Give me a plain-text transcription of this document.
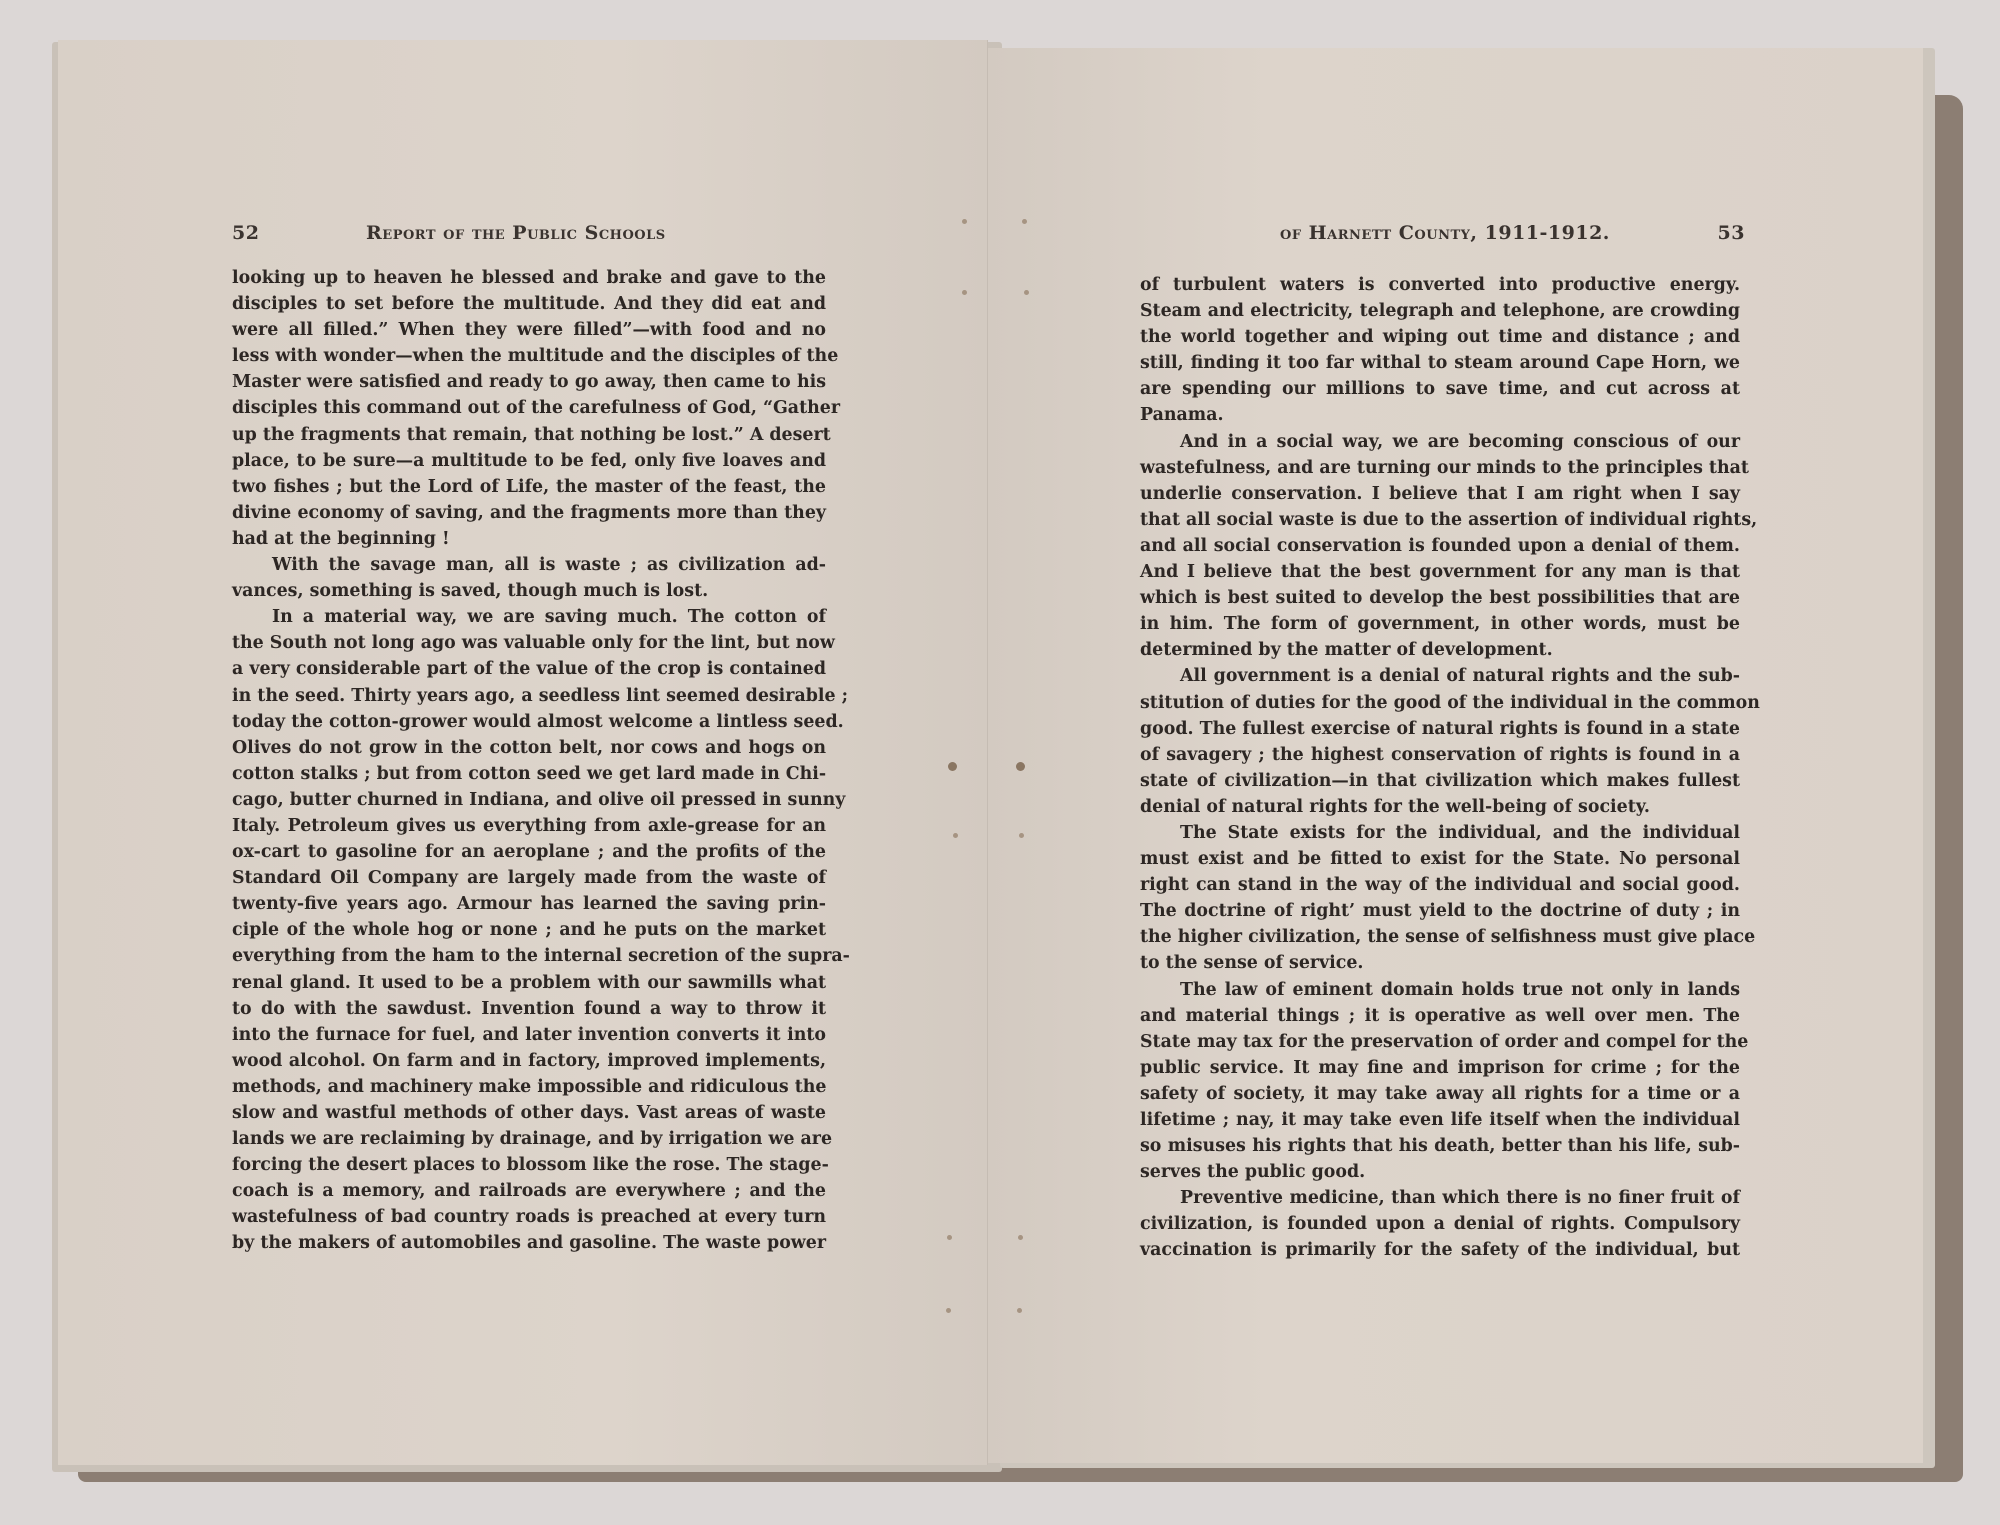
52	Report of the Public Schools	of Harnett County, 1911-1912.	53
looking up to heaven he blessed and brake and gave to the
disciples to set before the multitude. And they did eat and
were all filled.” When they were filled”—with food and no
less with wonder—when the multitude and the disciples of the
Master were satisfied and ready to go away, then came to his
disciples this command out of the carefulness of God, “Gather
up the fragments that remain, that nothing be lost.” A desert
place, to be sure—a multitude to be fed, only five loaves and
two fishes ; but the Lord of Life, the master of the feast, the
divine economy of saving, and the fragments more than they
had at the beginning !
With the savage man, all is waste ; as civilization ad-
vances, something is saved, though much is lost.
In a material way, we are saving much. The cotton of
the South not long ago was valuable only for the lint, but now
a very considerable part of the value of the crop is contained
in the seed. Thirty years ago, a seedless lint seemed desirable ;
today the cotton-grower would almost welcome a lintless seed.
Olives do not grow in the cotton belt, nor cows and hogs on
cotton stalks ; but from cotton seed we get lard made in Chi-
cago, butter churned in Indiana, and olive oil pressed in sunny
Italy. Petroleum gives us everything from axle-grease for an
ox-cart to gasoline for an aeroplane ; and the profits of the
Standard Oil Company are largely made from the waste of
twenty-five years ago. Armour has learned the saving prin-
ciple of the whole hog or none ; and he puts on the market
everything from the ham to the internal secretion of the supra-
renal gland. It used to be a problem with our sawmills what
to do with the sawdust. Invention found a way to throw it
into the furnace for fuel, and later invention converts it into
wood alcohol. On farm and in factory, improved implements,
methods, and machinery make impossible and ridiculous the
slow and wastful methods of other days. Vast areas of waste
lands we are reclaiming by drainage, and by irrigation we are
forcing the desert places to blossom like the rose. The stage-
coach is a memory, and railroads are everywhere ; and the
wastefulness of bad country roads is preached at every turn
by the makers of automobiles and gasoline. The waste power
of turbulent waters is converted into productive energy.
Steam and electricity, telegraph and telephone, are crowding
the world together and wiping out time and distance ; and
still, finding it too far withal to steam around Cape Horn, we
are spending our millions to save time, and cut across at
Panama.
And in a social way, we are becoming conscious of our
wastefulness, and are turning our minds to the principles that
underlie conservation. I believe that I am right when I say
that all social waste is due to the assertion of individual rights,
and all social conservation is founded upon a denial of them.
And I believe that the best government for any man is that
which is best suited to develop the best possibilities that are
in him. The form of government, in other words, must be
determined by the matter of development.
All government is a denial of natural rights and the sub-
stitution of duties for the good of the individual in the common
good. The fullest exercise of natural rights is found in a state
of savagery ; the highest conservation of rights is found in a
state of civilization—in that civilization which makes fullest
denial of natural rights for the well-being of society.
The State exists for the individual, and the individual
must exist and be fitted to exist for the State. No personal
right can stand in the way of the individual and social good.
The doctrine of right’ must yield to the doctrine of duty ; in
the higher civilization, the sense of selfishness must give place
to the sense of service.
The law of eminent domain holds true not only in lands
and material things ; it is operative as well over men. The
State may tax for the preservation of order and compel for the
public service. It may fine and imprison for crime ; for the
safety of society, it may take away all rights for a time or a
lifetime ; nay, it may take even life itself when the individual
so misuses his rights that his death, better than his life, sub-
serves the public good.
Preventive medicine, than which there is no finer fruit of
civilization, is founded upon a denial of rights. Compulsory
vaccination is primarily for the safety of the individual, but
